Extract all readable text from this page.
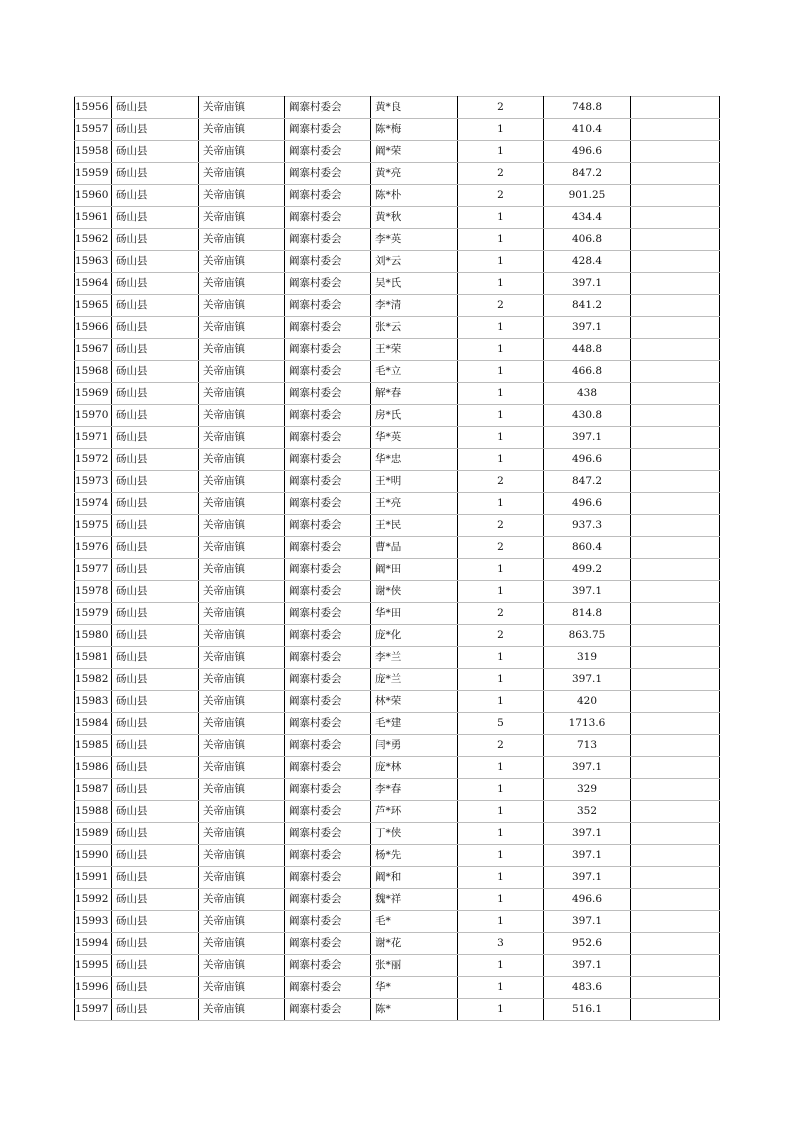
15956	砀山县	关帝庙镇	阚寨村委会	黄*良	2	748.8	
15957	砀山县	关帝庙镇	阚寨村委会	陈*梅	1	410.4	
15958	砀山县	关帝庙镇	阚寨村委会	阚*荣	1	496.6	
15959	砀山县	关帝庙镇	阚寨村委会	黄*亮	2	847.2	
15960	砀山县	关帝庙镇	阚寨村委会	陈*朴	2	901.25	
15961	砀山县	关帝庙镇	阚寨村委会	黄*秋	1	434.4	
15962	砀山县	关帝庙镇	阚寨村委会	李*英	1	406.8	
15963	砀山县	关帝庙镇	阚寨村委会	刘*云	1	428.4	
15964	砀山县	关帝庙镇	阚寨村委会	吴*氏	1	397.1	
15965	砀山县	关帝庙镇	阚寨村委会	李*清	2	841.2	
15966	砀山县	关帝庙镇	阚寨村委会	张*云	1	397.1	
15967	砀山县	关帝庙镇	阚寨村委会	王*荣	1	448.8	
15968	砀山县	关帝庙镇	阚寨村委会	毛*立	1	466.8	
15969	砀山县	关帝庙镇	阚寨村委会	解*春	1	438	
15970	砀山县	关帝庙镇	阚寨村委会	房*氏	1	430.8	
15971	砀山县	关帝庙镇	阚寨村委会	华*英	1	397.1	
15972	砀山县	关帝庙镇	阚寨村委会	华*忠	1	496.6	
15973	砀山县	关帝庙镇	阚寨村委会	王*明	2	847.2	
15974	砀山县	关帝庙镇	阚寨村委会	王*亮	1	496.6	
15975	砀山县	关帝庙镇	阚寨村委会	王*民	2	937.3	
15976	砀山县	关帝庙镇	阚寨村委会	曹*品	2	860.4	
15977	砀山县	关帝庙镇	阚寨村委会	阚*田	1	499.2	
15978	砀山县	关帝庙镇	阚寨村委会	谢*侠	1	397.1	
15979	砀山县	关帝庙镇	阚寨村委会	华*田	2	814.8	
15980	砀山县	关帝庙镇	阚寨村委会	庞*化	2	863.75	
15981	砀山县	关帝庙镇	阚寨村委会	李*兰	1	319	
15982	砀山县	关帝庙镇	阚寨村委会	庞*兰	1	397.1	
15983	砀山县	关帝庙镇	阚寨村委会	林*荣	1	420	
15984	砀山县	关帝庙镇	阚寨村委会	毛*建	5	1713.6	
15985	砀山县	关帝庙镇	阚寨村委会	闫*勇	2	713	
15986	砀山县	关帝庙镇	阚寨村委会	庞*林	1	397.1	
15987	砀山县	关帝庙镇	阚寨村委会	李*春	1	329	
15988	砀山县	关帝庙镇	阚寨村委会	芦*环	1	352	
15989	砀山县	关帝庙镇	阚寨村委会	丁*侠	1	397.1	
15990	砀山县	关帝庙镇	阚寨村委会	杨*先	1	397.1	
15991	砀山县	关帝庙镇	阚寨村委会	阚*和	1	397.1	
15992	砀山县	关帝庙镇	阚寨村委会	魏*祥	1	496.6	
15993	砀山县	关帝庙镇	阚寨村委会	毛*	1	397.1	
15994	砀山县	关帝庙镇	阚寨村委会	谢*花	3	952.6	
15995	砀山县	关帝庙镇	阚寨村委会	张*丽	1	397.1	
15996	砀山县	关帝庙镇	阚寨村委会	华*	1	483.6	
15997	砀山县	关帝庙镇	阚寨村委会	陈*	1	516.1	
